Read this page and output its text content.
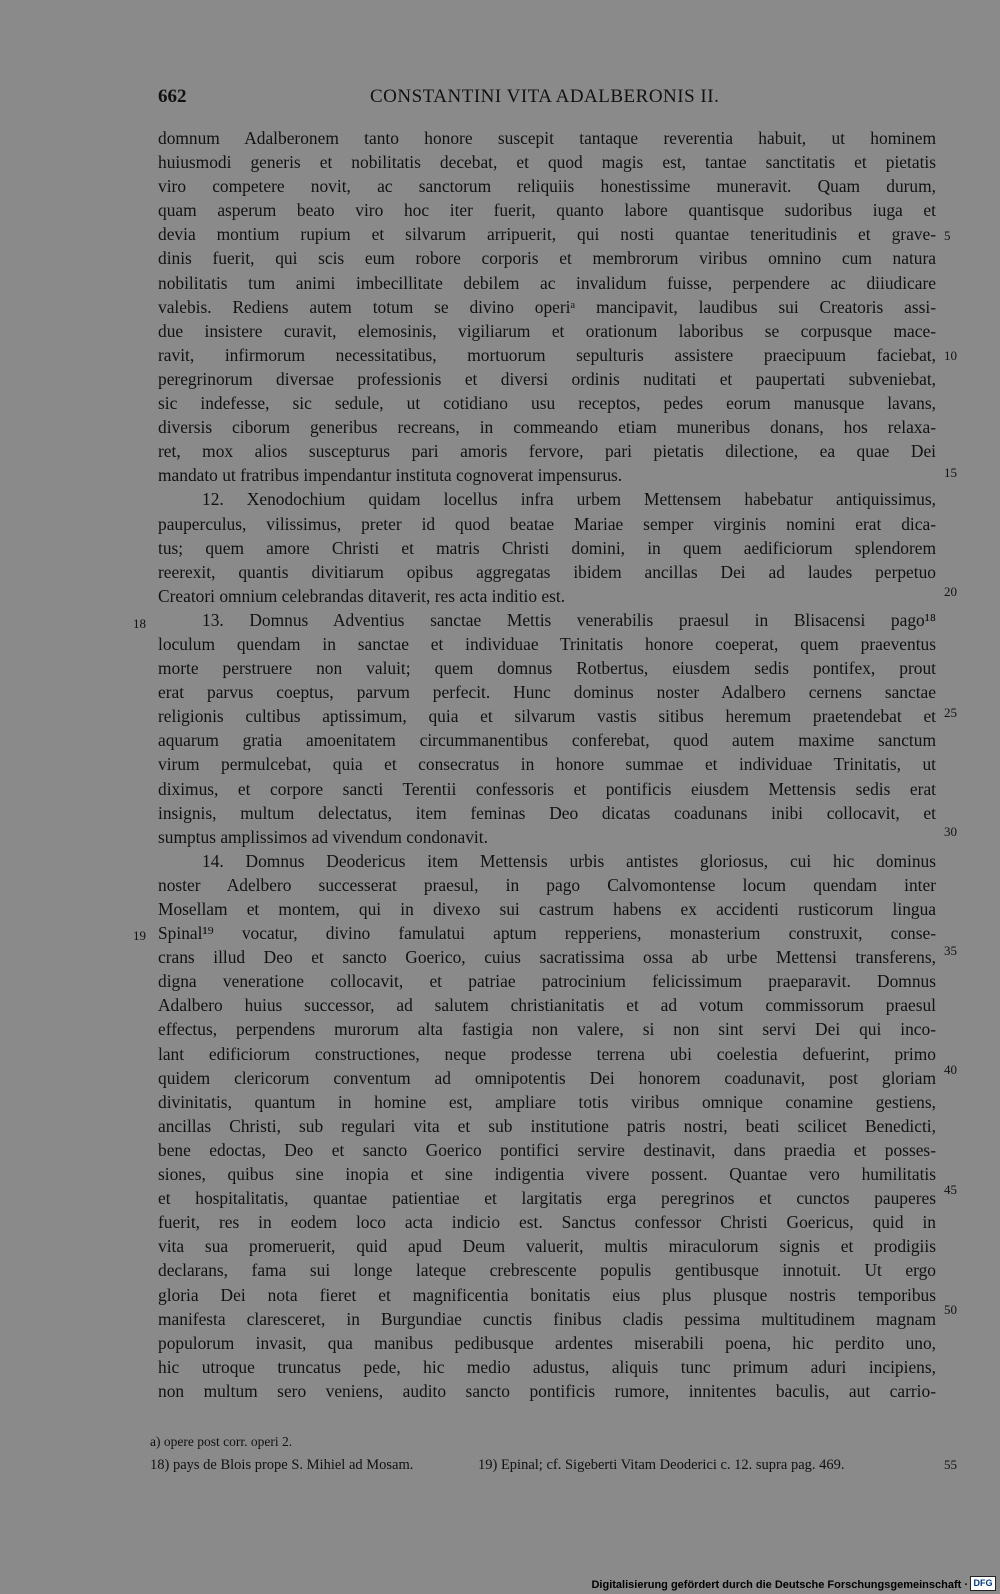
662	CONSTANTINI VITA ADALBERONIS II.
domnum Adalberonem tanto honore suscepit tantaque reverentia habuit, ut hominem
huiusmodi generis et nobilitatis decebat, et quod magis est, tantae sanctitatis et pietatis
viro competere novit, ac sanctorum reliquiis honestissime muneravit. Quam durum,
quam asperum beato viro hoc iter fuerit, quanto labore quantisque sudoribus iuga et
devia montium rupium et silvarum arripuerit, qui nosti quantae teneritudinis et grave-
dinis fuerit, qui scis eum robore corporis et membrorum viribus omnino cum natura
nobilitatis tum animi imbecillitate debilem ac invalidum fuisse, perpendere ac diiudicare
valebis. Rediens autem totum se divino operiᵃ mancipavit, laudibus sui Creatoris assi-
due insistere curavit, elemosinis, vigiliarum et orationum laboribus se corpusque mace-
ravit, infirmorum necessitatibus, mortuorum sepulturis assistere praecipuum faciebat,
peregrinorum diversae professionis et diversi ordinis nuditati et paupertati subveniebat,
sic indefesse, sic sedule, ut cotidiano usu receptos, pedes eorum manusque lavans,
diversis ciborum generibus recreans, in commeando etiam muneribus donans, hos relaxa-
ret, mox alios suscepturus pari amoris fervore, pari pietatis dilectione, ea quae Dei
mandato ut fratribus impendantur instituta cognoverat impensurus.
12. Xenodochium quidam locellus infra urbem Mettensem habebatur antiquissimus,
pauperculus, vilissimus, preter id quod beatae Mariae semper virginis nomini erat dica-
tus; quem amore Christi et matris Christi domini, in quem aedificiorum splendorem
reerexit, quantis divitiarum opibus aggregatas ibidem ancillas Dei ad laudes perpetuo
Creatori omnium celebrandas ditaverit, res acta inditio est.
13. Domnus Adventius sanctae Mettis venerabilis praesul in Blisacensi pago¹⁸
loculum quendam in sanctae et individuae Trinitatis honore coeperat, quem praeventus
morte perstruere non valuit; quem domnus Rotbertus, eiusdem sedis pontifex, prout
erat parvus coeptus, parvum perfecit. Hunc dominus noster Adalbero cernens sanctae
religionis cultibus aptissimum, quia et silvarum vastis sitibus heremum praetendebat et
aquarum gratia amoenitatem circummanentibus conferebat, quod autem maxime sanctum
virum permulcebat, quia et consecratus in honore summae et individuae Trinitatis, ut
diximus, et corpore sancti Terentii confessoris et pontificis eiusdem Mettensis sedis erat
insignis, multum delectatus, item feminas Deo dicatas coadunans inibi collocavit, et
sumptus amplissimos ad vivendum condonavit.
14. Domnus Deodericus item Mettensis urbis antistes gloriosus, cui hic dominus
noster Adelbero successerat praesul, in pago Calvomontense locum quendam inter
Mosellam et montem, qui in divexo sui castrum habens ex accidenti rusticorum lingua
Spinal¹⁹ vocatur, divino famulatui aptum repperiens, monasterium construxit, conse-
crans illud Deo et sancto Goerico, cuius sacratissima ossa ab urbe Mettensi transferens,
digna veneratione collocavit, et patriae patrocinium felicissimum praeparavit. Domnus
Adalbero huius successor, ad salutem christianitatis et ad votum commissorum praesul
effectus, perpendens murorum alta fastigia non valere, si non sint servi Dei qui inco-
lant edificiorum constructiones, neque prodesse terrena ubi coelestia defuerint, primo
quidem clericorum conventum ad omnipotentis Dei honorem coadunavit, post gloriam
divinitatis, quantum in homine est, ampliare totis viribus omnique conamine gestiens,
ancillas Christi, sub regulari vita et sub institutione patris nostri, beati scilicet Benedicti,
bene edoctas, Deo et sancto Goerico pontifici servire destinavit, dans praedia et posses-
siones, quibus sine inopia et sine indigentia vivere possent. Quantae vero humilitatis
et hospitalitatis, quantae patientiae et largitatis erga peregrinos et cunctos pauperes
fuerit, res in eodem loco acta indicio est. Sanctus confessor Christi Goericus, quid in
vita sua promeruerit, quid apud Deum valuerit, multis miraculorum signis et prodigiis
declarans, fama sui longe lateque crebrescente populis gentibusque innotuit. Ut ergo
gloria Dei nota fieret et magnificentia bonitatis eius plus plusque nostris temporibus
manifesta claresceret, in Burgundiae cunctis finibus cladis pessima multitudinem magnam
populorum invasit, qua manibus pedibusque ardentes miserabili poena, hic perdito uno,
hic utroque truncatus pede, hic medio adustus, aliquis tunc primum aduri incipiens,
non multum sero veniens, audito sancto pontificis rumore, innitentes baculis, aut carrio-
5
10
15
20
25
30
35
40
45
50
18
19
a) opere post corr. operi 2.
18) pays de Blois prope S. Mihiel ad Mosam.	19) Epinal; cf. Sigeberti Vitam Deoderici c. 12. supra pag. 469.	55
Digitalisierung gefördert durch die Deutsche Forschungsgemeinschaft · DFG
